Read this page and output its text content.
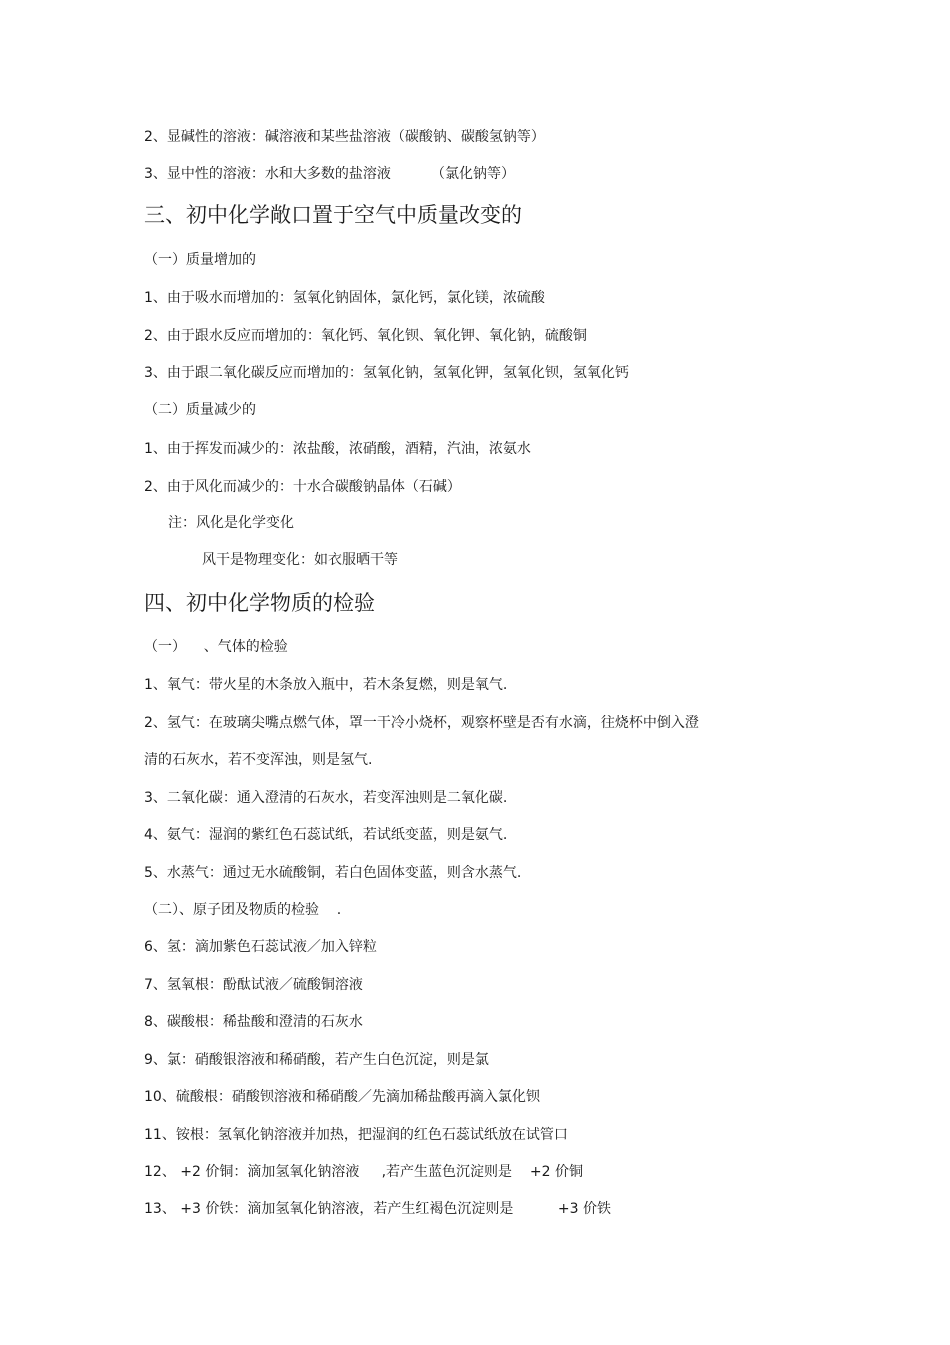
2、显碱性的溶液：碱溶液和某些盐溶液（碳酸钠、碳酸氢钠等）
3、显中性的溶液：水和大多数的盐溶液         （氯化钠等）
三、初中化学敞口置于空气中质量改变的
（一）质量增加的
1、由于吸水而增加的：氢氧化钠固体，氯化钙，氯化镁，浓硫酸
2、由于跟水反应而增加的：氧化钙、氧化钡、氧化钾、氧化钠，硫酸铜
3、由于跟二氧化碳反应而增加的：氢氧化钠，氢氧化钾，氢氧化钡，氢氧化钙
（二）质量减少的
1、由于挥发而减少的：浓盐酸，浓硝酸，酒精，汽油，浓氨水
2、由于风化而减少的：十水合碳酸钠晶体（石碱）
注：风化是化学变化
风干是物理变化：如衣服晒干等
四、初中化学物质的检验
（一）    、气体的检验
1、氧气：带火星的木条放入瓶中，若木条复燃，则是氧气.
2、氢气：在玻璃尖嘴点燃气体，罩一干冷小烧杯，观察杯壁是否有水滴，往烧杯中倒入澄
清的石灰水，若不变浑浊，则是氢气.
3、二氧化碳：通入澄清的石灰水，若变浑浊则是二氧化碳.
4、氨气：湿润的紫红色石蕊试纸，若试纸变蓝，则是氨气.
5、水蒸气：通过无水硫酸铜，若白色固体变蓝，则含水蒸气.
（二）、原子团及物质的检验    .
6、氢：滴加紫色石蕊试液／加入锌粒
7、氢氧根：酚酞试液／硫酸铜溶液
8、碳酸根：稀盐酸和澄清的石灰水
9、氯：硝酸银溶液和稀硝酸，若产生白色沉淀，则是氯
10、硫酸根：硝酸钡溶液和稀硝酸／先滴加稀盐酸再滴入氯化钡
11、铵根：氢氧化钠溶液并加热，把湿润的红色石蕊试纸放在试管口
12、 +2 价铜：滴加氢氧化钠溶液     ,若产生蓝色沉淀则是    +2 价铜
13、 +3 价铁：滴加氢氧化钠溶液，若产生红褐色沉淀则是          +3 价铁
